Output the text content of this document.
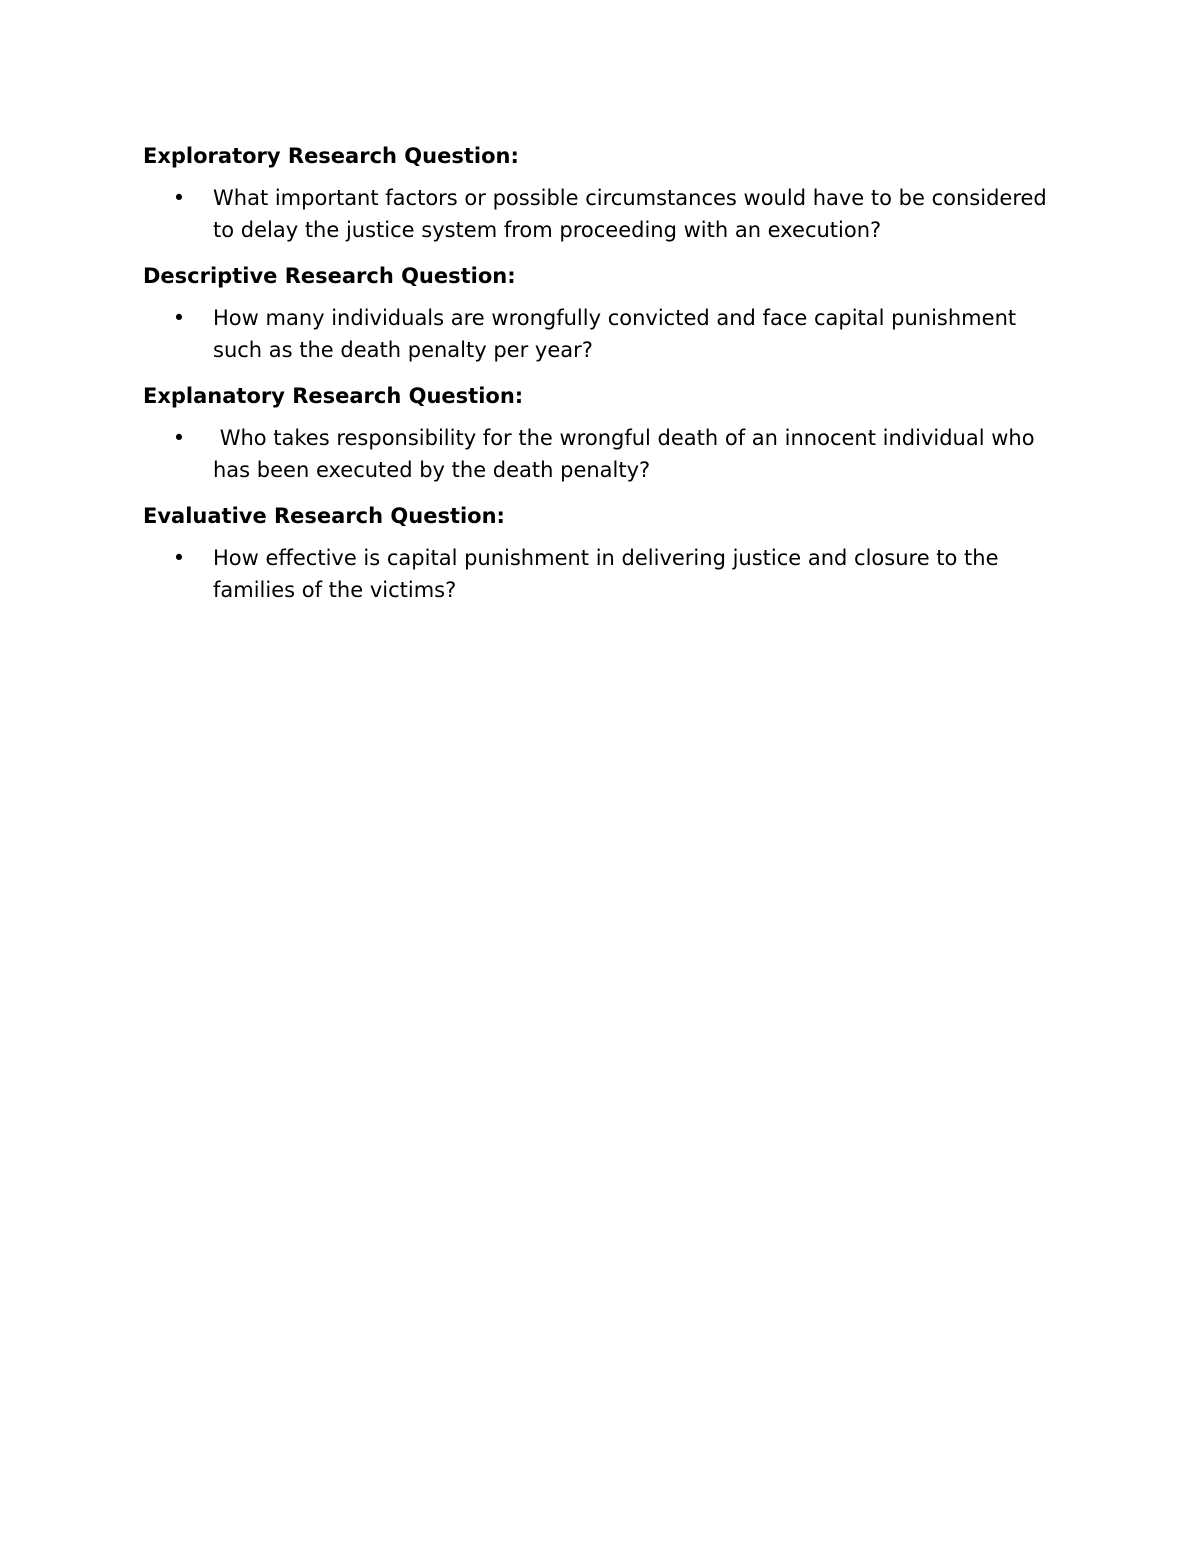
Exploratory Research Question:
• What important factors or possible circumstances would have to be considered to delay the justice system from proceeding with an execution?
Descriptive Research Question:
• How many individuals are wrongfully convicted and face capital punishment such as the death penalty per year?
Explanatory Research Question:
• Who takes responsibility for the wrongful death of an innocent individual who has been executed by the death penalty?
Evaluative Research Question:
• How effective is capital punishment in delivering justice and closure to the families of the victims?
